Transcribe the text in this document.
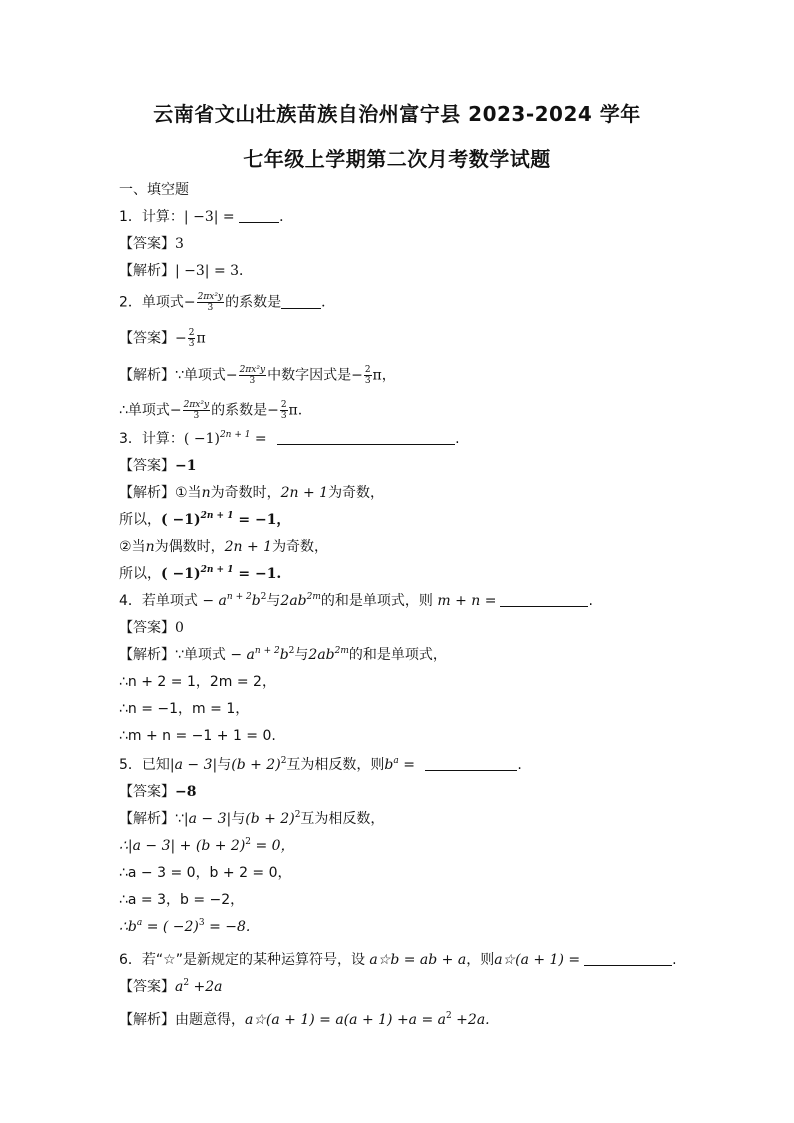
云南省文山壮族苗族自治州富宁县 2023-2024 学年
七年级上学期第二次月考数学试题
一、填空题
1．计算：| −3| =	．
【答案】3
【解析】| −3| = 3．
2．单项式− $\frac{\text{2πx²y}}{3}$ 的系数是	．
【答案】− $\frac{2}{3}$ π
【解析】∵单项式− $\frac{\text{2πx²y}}{3}$ 中数字因式是− $\frac{2}{3}$ π，
∴单项式− $\frac{\text{2πx²y}}{3}$ 的系数是− $\frac{2}{3} \pi$.
3．计算：( −1)$^{2n + 1}$ =	.
【答案】−1
【解析】①当n为奇数时，2n + 1为奇数，
所以，( −1)$^{2n + 1}$ = −1，
②当n为偶数时，2n + 1为奇数，
所以，( −1)$^{2n + 1}$ = −1.
4．若单项式 − $a^{n + 2}b^2$与$2ab^{2m}$的和是单项式，则 m + n =	.
【答案】0
【解析】∵单项式 − $a^{n + 2}b^2$与$2ab^{2m}$的和是单项式，
∴n + 2 = 1，2m = 2，
∴n = −1，m = 1，
∴m + n = −1 + 1 = 0.
5．已知|a − 3|与$(b + 2)^2$互为相反数，则$b^a$ =	.
【答案】−8
【解析】∵|a − 3|与$(b + 2)^2$互为相反数，
∴|a − $3| + (b + 2)^2 = 0$，
∴a − 3 = 0，b + 2 = 0，
∴a = 3，b = −2，
$\therefore b^a$ = ( −2)$^3$ = −8.
6．若“☆”是新规定的某种运算符号，设 a☆b = ab + a，则a☆(a + 1) =	.
【答案】$a^2 +2a$
【解析】由题意得，a☆(a + $1) = a(a + 1) +a = a^2 +2a$.
